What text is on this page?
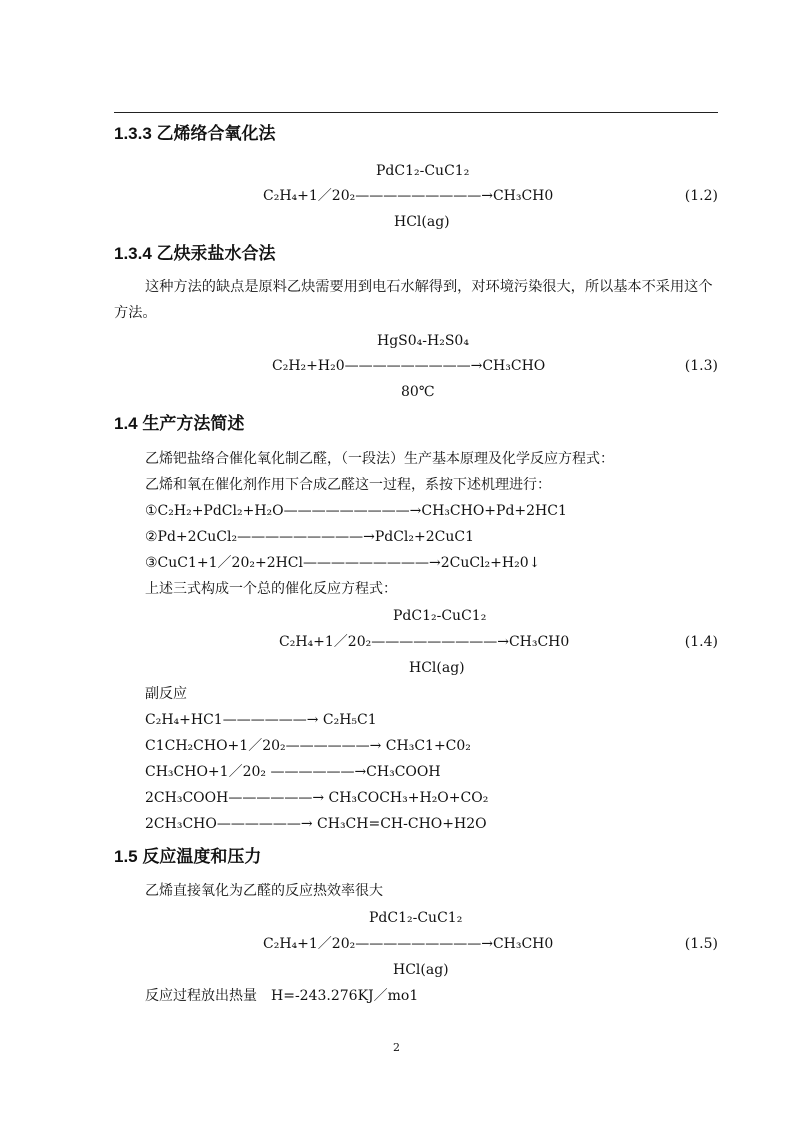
1.3.3 乙烯络合氧化法
PdC1₂-CuC1₂
C₂H₄+1／20₂—————————→CH₃CH0	(1.2)
HCl(ag)
1.3.4 乙炔汞盐水合法
这种方法的缺点是原料乙炔需要用到电石水解得到，对环境污染很大，所以基本不采用这个方法。
HgS0₄-H₂S0₄
C₂H₂+H₂0—————————→CH₃CHO	(1.3)
80℃
1.4 生产方法简述
乙烯钯盐络合催化氧化制乙醛，（一段法）生产基本原理及化学反应方程式：
乙烯和氧在催化剂作用下合成乙醛这一过程，系按下述机理进行：
①C₂H₂+PdCl₂+H₂O—————————→CH₃CHO+Pd+2HC1
②Pd+2CuCl₂—————————→PdCl₂+2CuC1
③CuC1+1／20₂+2HCl—————————→2CuCl₂+H₂0↓
上述三式构成一个总的催化反应方程式：
PdC1₂-CuC1₂
C₂H₄+1／20₂—————————→CH₃CH0	(1.4)
HCl(ag)
副反应
C₂H₄+HC1——————→ C₂H₅C1
C1CH₂CHO+1／20₂——————→ CH₃C1+C0₂
CH₃CHO+1／20₂ ——————→CH₃COOH
2CH₃COOH——————→ CH₃COCH₃+H₂O+CO₂
2CH₃CHO——————→ CH₃CH=CH-CHO+H2O
1.5 反应温度和压力
乙烯直接氧化为乙醛的反应热效率很大
PdC1₂-CuC1₂
C₂H₄+1／20₂—————————→CH₃CH0	(1.5)
HCl(ag)
反应过程放出热量　H=-243.276KJ／mo1
2
